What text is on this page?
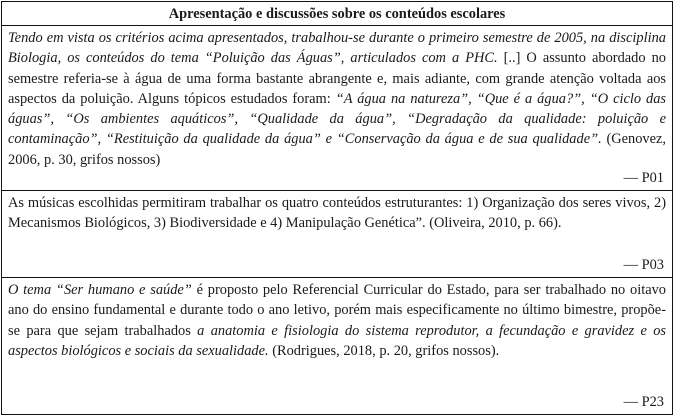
Apresentação e discussões sobre os conteúdos escolares

Tendo em vista os critérios acima apresentados, trabalhou-se durante o primeiro semestre de 2005, na disciplina Biologia, os conteúdos do tema “Poluição das Águas”, articulados com a PHC. [..] O assunto abordado no semestre referia-se à água de uma forma bastante abrangente e, mais adiante, com grande atenção voltada aos aspectos da poluição. Alguns tópicos estudados foram: “A água na natureza”, “Que é a água?”, “O ciclo das águas”, “Os ambientes aquáticos”, “Qualidade da água”, “Degradação da qualidade: poluição e contaminação”, “Restituição da qualidade da água” e “Conservação da água e de sua qualidade”. (Genovez, 2006, p. 30, grifos nossos)

— P01

As músicas escolhidas permitiram trabalhar os quatro conteúdos estruturantes: 1) Organização dos seres vivos, 2) Mecanismos Biológicos, 3) Biodiversidade e 4) Manipulação Genética”. (Oliveira, 2010, p. 66).

— P03

O tema “Ser humano e saúde” é proposto pelo Referencial Curricular do Estado, para ser trabalhado no oitavo ano do ensino fundamental e durante todo o ano letivo, porém mais especificamente no último bimestre, propõe-se para que sejam trabalhados a anatomia e fisiologia do sistema reprodutor, a fecundação e gravidez e os aspectos biológicos e sociais da sexualidade. (Rodrigues, 2018, p. 20, grifos nossos).

— P23
